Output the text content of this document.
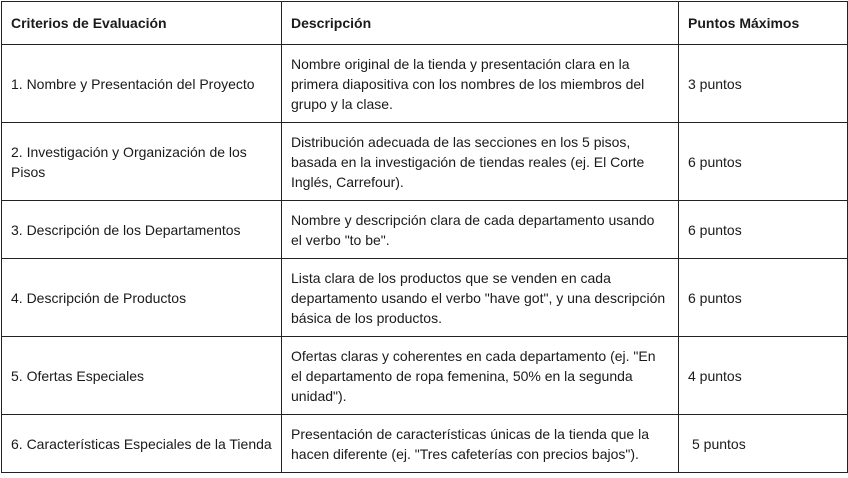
Criterios de Evaluación	Descripción	Puntos Máximos
1. Nombre y Presentación del Proyecto	Nombre original de la tienda y presentación clara en la primera diapositiva con los nombres de los miembros del grupo y la clase.	3 puntos
2. Investigación y Organización de los Pisos	Distribución adecuada de las secciones en los 5 pisos, basada en la investigación de tiendas reales (ej. El Corte Inglés, Carrefour).	6 puntos
3. Descripción de los Departamentos	Nombre y descripción clara de cada departamento usando el verbo "to be".	6 puntos
4. Descripción de Productos	Lista clara de los productos que se venden en cada departamento usando el verbo "have got", y una descripción básica de los productos.	6 puntos
5. Ofertas Especiales	Ofertas claras y coherentes en cada departamento (ej. "En el departamento de ropa femenina, 50% en la segunda unidad").	4 puntos
6. Características Especiales de la Tienda	Presentación de características únicas de la tienda que la hacen diferente (ej. "Tres cafeterías con precios bajos").	5 puntos
